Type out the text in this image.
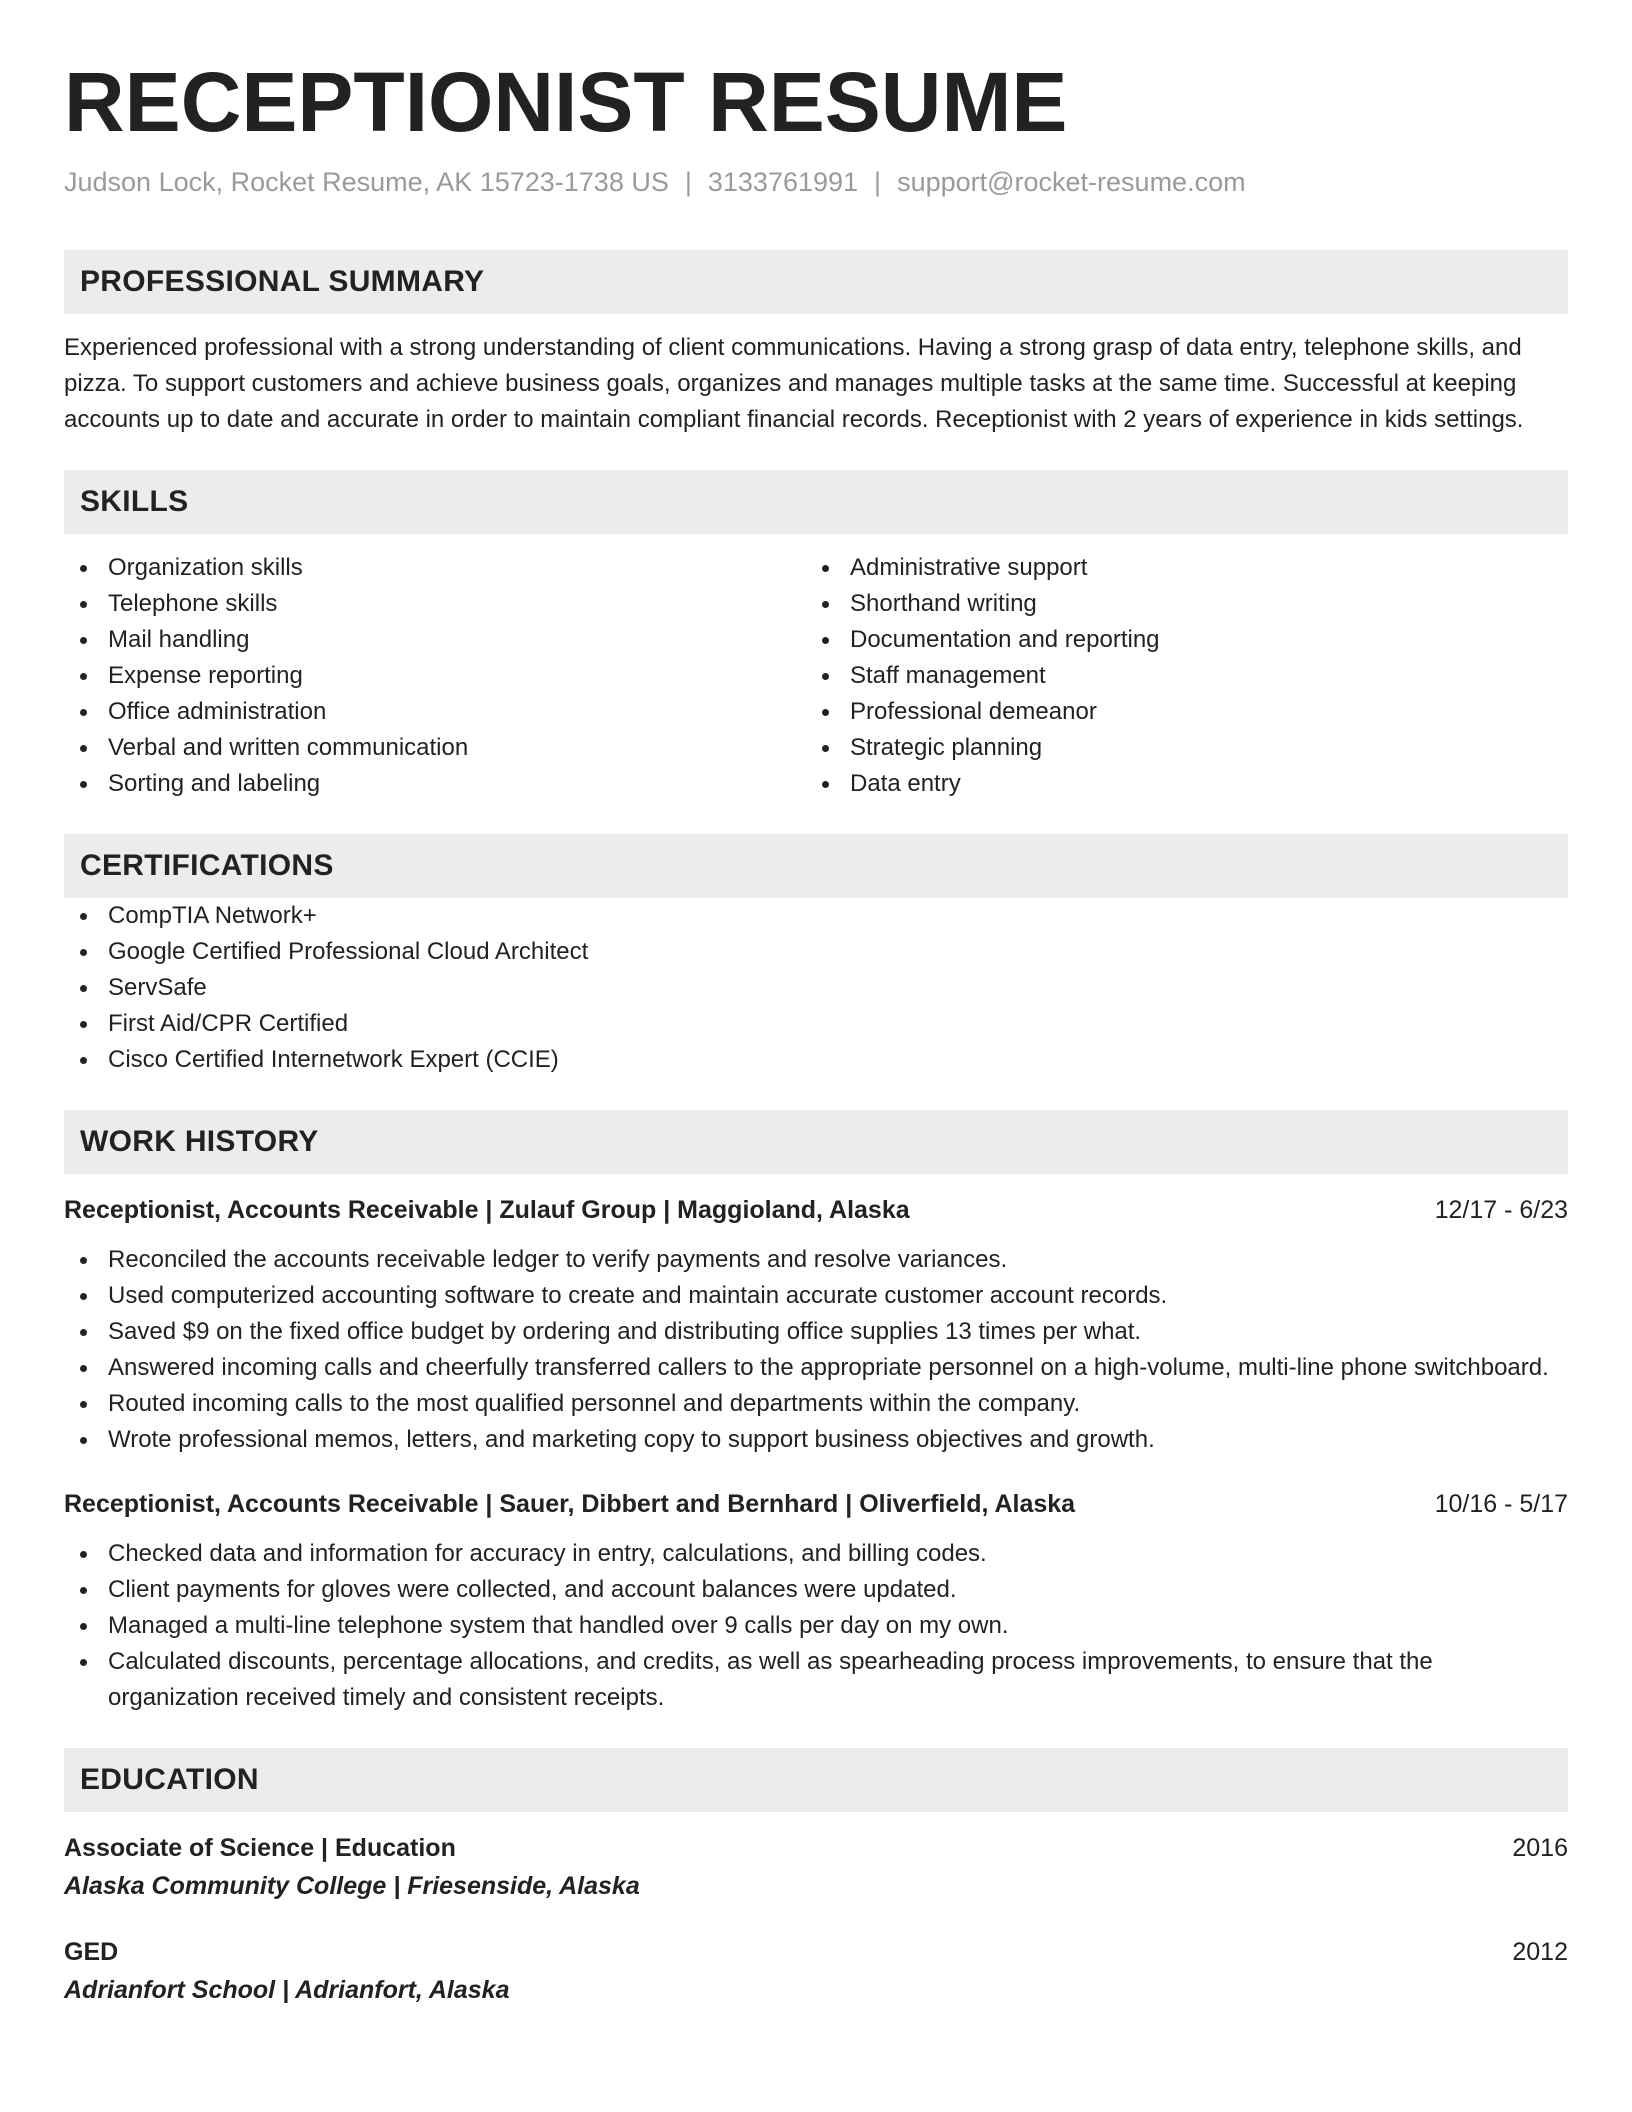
RECEPTIONIST RESUME
Judson Lock, Rocket Resume, AK 15723-1738 US | 3133761991 | support@rocket-resume.com
PROFESSIONAL SUMMARY
Experienced professional with a strong understanding of client communications. Having a strong grasp of data entry, telephone skills, and pizza. To support customers and achieve business goals, organizes and manages multiple tasks at the same time. Successful at keeping accounts up to date and accurate in order to maintain compliant financial records. Receptionist with 2 years of experience in kids settings.
SKILLS
Organization skills
Telephone skills
Mail handling
Expense reporting
Office administration
Verbal and written communication
Sorting and labeling
Administrative support
Shorthand writing
Documentation and reporting
Staff management
Professional demeanor
Strategic planning
Data entry
CERTIFICATIONS
CompTIA Network+
Google Certified Professional Cloud Architect
ServSafe
First Aid/CPR Certified
Cisco Certified Internetwork Expert (CCIE)
WORK HISTORY
Receptionist, Accounts Receivable | Zulauf Group | Maggioland, Alaska	12/17 - 6/23
Reconciled the accounts receivable ledger to verify payments and resolve variances.
Used computerized accounting software to create and maintain accurate customer account records.
Saved $9 on the fixed office budget by ordering and distributing office supplies 13 times per what.
Answered incoming calls and cheerfully transferred callers to the appropriate personnel on a high-volume, multi-line phone switchboard.
Routed incoming calls to the most qualified personnel and departments within the company.
Wrote professional memos, letters, and marketing copy to support business objectives and growth.
Receptionist, Accounts Receivable | Sauer, Dibbert and Bernhard | Oliverfield, Alaska	10/16 - 5/17
Checked data and information for accuracy in entry, calculations, and billing codes.
Client payments for gloves were collected, and account balances were updated.
Managed a multi-line telephone system that handled over 9 calls per day on my own.
Calculated discounts, percentage allocations, and credits, as well as spearheading process improvements, to ensure that the organization received timely and consistent receipts.
EDUCATION
Associate of Science | Education	2016
Alaska Community College | Friesenside, Alaska
GED	2012
Adrianfort School | Adrianfort, Alaska
